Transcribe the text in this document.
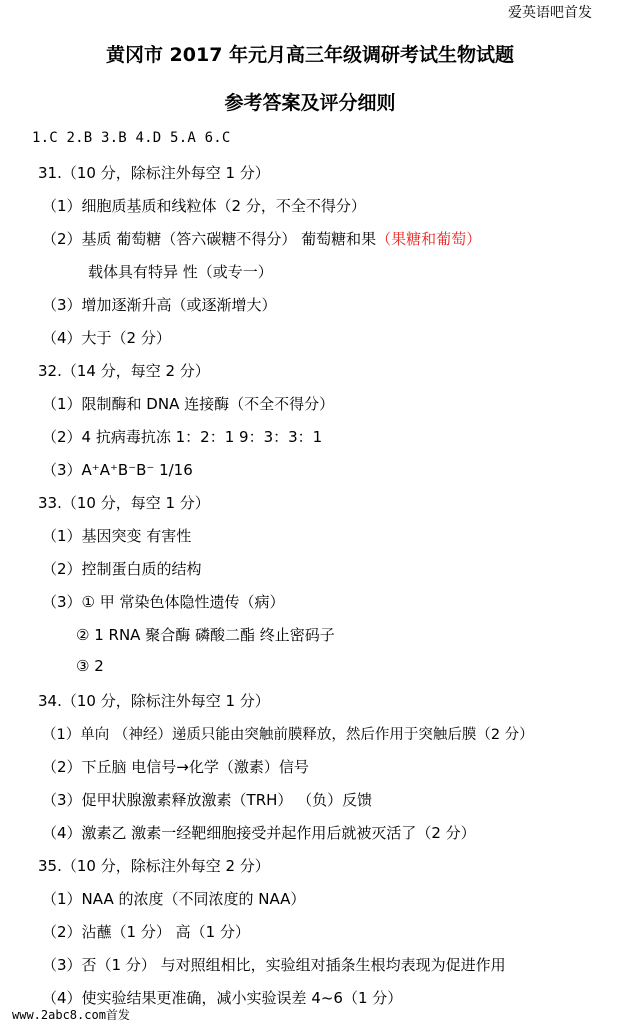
爱英语吧首发
黄冈市 2017 年元月高三年级调研考试生物试题
参考答案及评分细则
1.C 2.B 3.B 4.D 5.A 6.C
31.（10 分，除标注外每空 1 分）
（1）细胞质基质和线粒体（2 分，不全不得分）
（2）基质 葡萄糖（答六碳糖不得分） 葡萄糖和果（果糖和葡萄）
载体具有特异 性（或专一）
（3）增加逐渐升高（或逐渐增大）
（4）大于（2 分）
32.（14 分，每空 2 分）
（1）限制酶和 DNA 连接酶（不全不得分）
（2）4 抗病毒抗冻 1：2：1 9：3：3：1
（3）A⁺A⁺B⁻B⁻ 1/16
33.（10 分，每空 1 分）
（1）基因突变 有害性
（2）控制蛋白质的结构
（3）① 甲 常染色体隐性遗传（病）
② 1 RNA 聚合酶 磷酸二酯 终止密码子
③ 2
34.（10 分，除标注外每空 1 分）
（1）单向 （神经）递质只能由突触前膜释放，然后作用于突触后膜（2 分）
（2）下丘脑 电信号→化学（激素）信号
（3）促甲状腺激素释放激素（TRH） （负）反馈
（4）激素乙 激素一经靶细胞接受并起作用后就被灭活了（2 分）
35.（10 分，除标注外每空 2 分）
（1）NAA 的浓度（不同浓度的 NAA）
（2）沾蘸（1 分） 高（1 分）
（3）否（1 分） 与对照组相比，实验组对插条生根均表现为促进作用
（4）使实验结果更准确，减小实验误差 4~6（1 分）
www.2abc8.com首发
